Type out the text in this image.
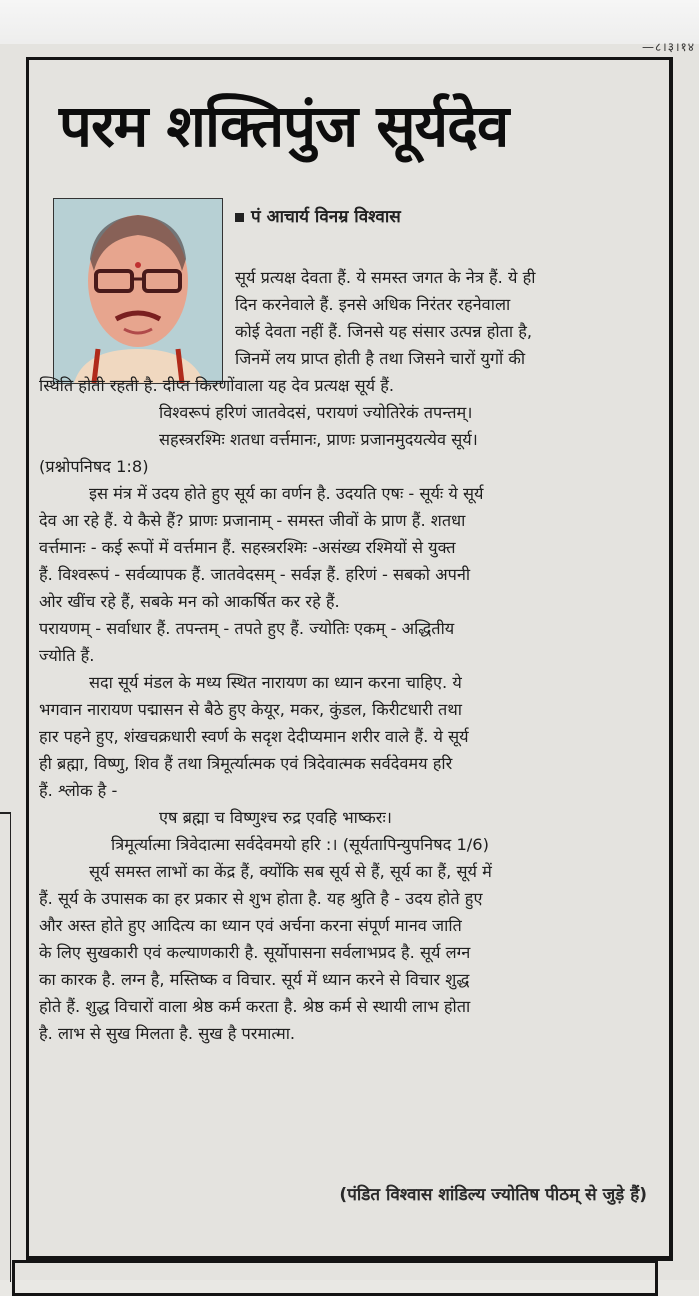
—८।३।१४
परम शक्तिपुंज सूर्यदेव
पं आचार्य विनम्र विश्वास
सूर्य प्रत्यक्ष देवता हैं. ये समस्त जगत के नेत्र हैं. ये ही
दिन करनेवाले हैं. इनसे अधिक निरंतर रहनेवाला
कोई देवता नहीं हैं. जिनसे यह संसार उत्पन्न होता है,
जिनमें लय प्राप्त होती है तथा जिसने चारों युगों की
स्थिति होती रहती है. दीप्त किरणोंवाला यह देव प्रत्यक्ष सूर्य हैं.
विश्वरूपं हरिणं जातवेदसं, परायणं ज्योतिरेकं तपन्तम्।
सहस्त्ररश्मिः शतधा वर्त्तमानः, प्राणः प्रजानमुदयत्येव सूर्य।
(प्रश्नोपनिषद 1:8)
इस मंत्र में उदय होते हुए सूर्य का वर्णन है. उदयति एषः - सूर्यः ये सूर्य
देव आ रहे हैं. ये कैसे हैं? प्राणः प्रजानाम् - समस्त जीवों के प्राण हैं. शतधा
वर्त्तमानः - कई रूपों में वर्त्तमान हैं. सहस्त्ररश्मिः -असंख्य रश्मियों से युक्त
हैं. विश्वरूपं - सर्वव्यापक हैं. जातवेदसम् - सर्वज्ञ हैं. हरिणं - सबको अपनी
ओर खींच रहे हैं, सबके मन को आकर्षित कर रहे हैं.
परायणम् - सर्वाधार हैं. तपन्तम् - तपते हुए हैं. ज्योतिः एकम् - अद्धितीय
ज्योति हैं.
सदा सूर्य मंडल के मध्य स्थित नारायण का ध्यान करना चाहिए. ये
भगवान नारायण पद्मासन से बैठे हुए केयूर, मकर, कुंडल, किरीटधारी तथा
हार पहने हुए, शंखचक्रधारी स्वर्ण के सदृश देदीप्यमान शरीर वाले हैं. ये सूर्य
ही ब्रह्मा, विष्णु, शिव हैं तथा त्रिमूर्त्यात्मक एवं त्रिदेवात्मक सर्वदेवमय हरि
हैं. श्लोक है -
एष ब्रह्मा च विष्णुश्च रुद्र एवहि भाष्करः।
त्रिमूर्त्यात्मा त्रिवेदात्मा सर्वदेवमयो हरि :। (सूर्यतापिन्युपनिषद 1/6)
सूर्य समस्त लाभों का केंद्र हैं, क्योंकि सब सूर्य से हैं, सूर्य का हैं, सूर्य में
हैं. सूर्य के उपासक का हर प्रकार से शुभ होता है. यह श्रुति है - उदय होते हुए
और अस्त होते हुए आदित्य का ध्यान एवं अर्चना करना संपूर्ण मानव जाति
के लिए सुखकारी एवं कल्याणकारी है. सूर्योपासना सर्वलाभप्रद है. सूर्य लग्न
का कारक है. लग्न है, मस्तिष्क व विचार. सूर्य में ध्यान करने से विचार शुद्ध
होते हैं. शुद्ध विचारों वाला श्रेष्ठ कर्म करता है. श्रेष्ठ कर्म से स्थायी लाभ होता
है. लाभ से सुख मिलता है. सुख है परमात्मा.
(पंडित विश्वास शांडिल्य ज्योतिष पीठम् से जुड़े हैं)
